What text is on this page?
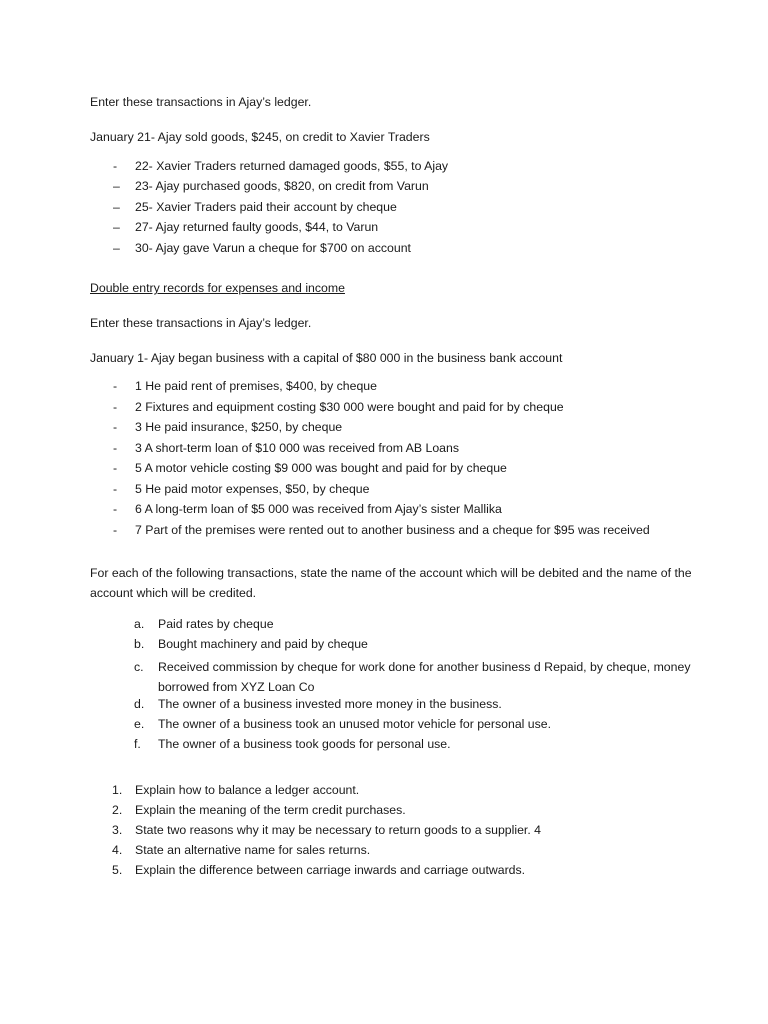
Enter these transactions in Ajay’s ledger.

January 21- Ajay sold goods, $245, on credit to Xavier Traders

- 22- Xavier Traders returned damaged goods, $55, to Ajay
– 23- Ajay purchased goods, $820, on credit from Varun
– 25- Xavier Traders paid their account by cheque
– 27- Ajay returned faulty goods, $44, to Varun
– 30- Ajay gave Varun a cheque for $700 on account

Double entry records for expenses and income

Enter these transactions in Ajay’s ledger.

January 1- Ajay began business with a capital of $80 000 in the business bank account

- 1 He paid rent of premises, $400, by cheque
- 2 Fixtures and equipment costing $30 000 were bought and paid for by cheque
- 3 He paid insurance, $250, by cheque
- 3 A short-term loan of $10 000 was received from AB Loans
- 5 A motor vehicle costing $9 000 was bought and paid for by cheque
- 5 He paid motor expenses, $50, by cheque
- 6 A long-term loan of $5 000 was received from Ajay’s sister Mallika
- 7 Part of the premises were rented out to another business and a cheque for $95 was received

For each of the following transactions, state the name of the account which will be debited and the name of the account which will be credited.

a. Paid rates by cheque
b. Bought machinery and paid by cheque
c. Received commission by cheque for work done for another business d Repaid, by cheque, money borrowed from XYZ Loan Co
d. The owner of a business invested more money in the business.
e. The owner of a business took an unused motor vehicle for personal use.
f. The owner of a business took goods for personal use.
1. Explain how to balance a ledger account.
2. Explain the meaning of the term credit purchases.
3. State two reasons why it may be necessary to return goods to a supplier. 4
4. State an alternative name for sales returns.
5. Explain the difference between carriage inwards and carriage outwards.
